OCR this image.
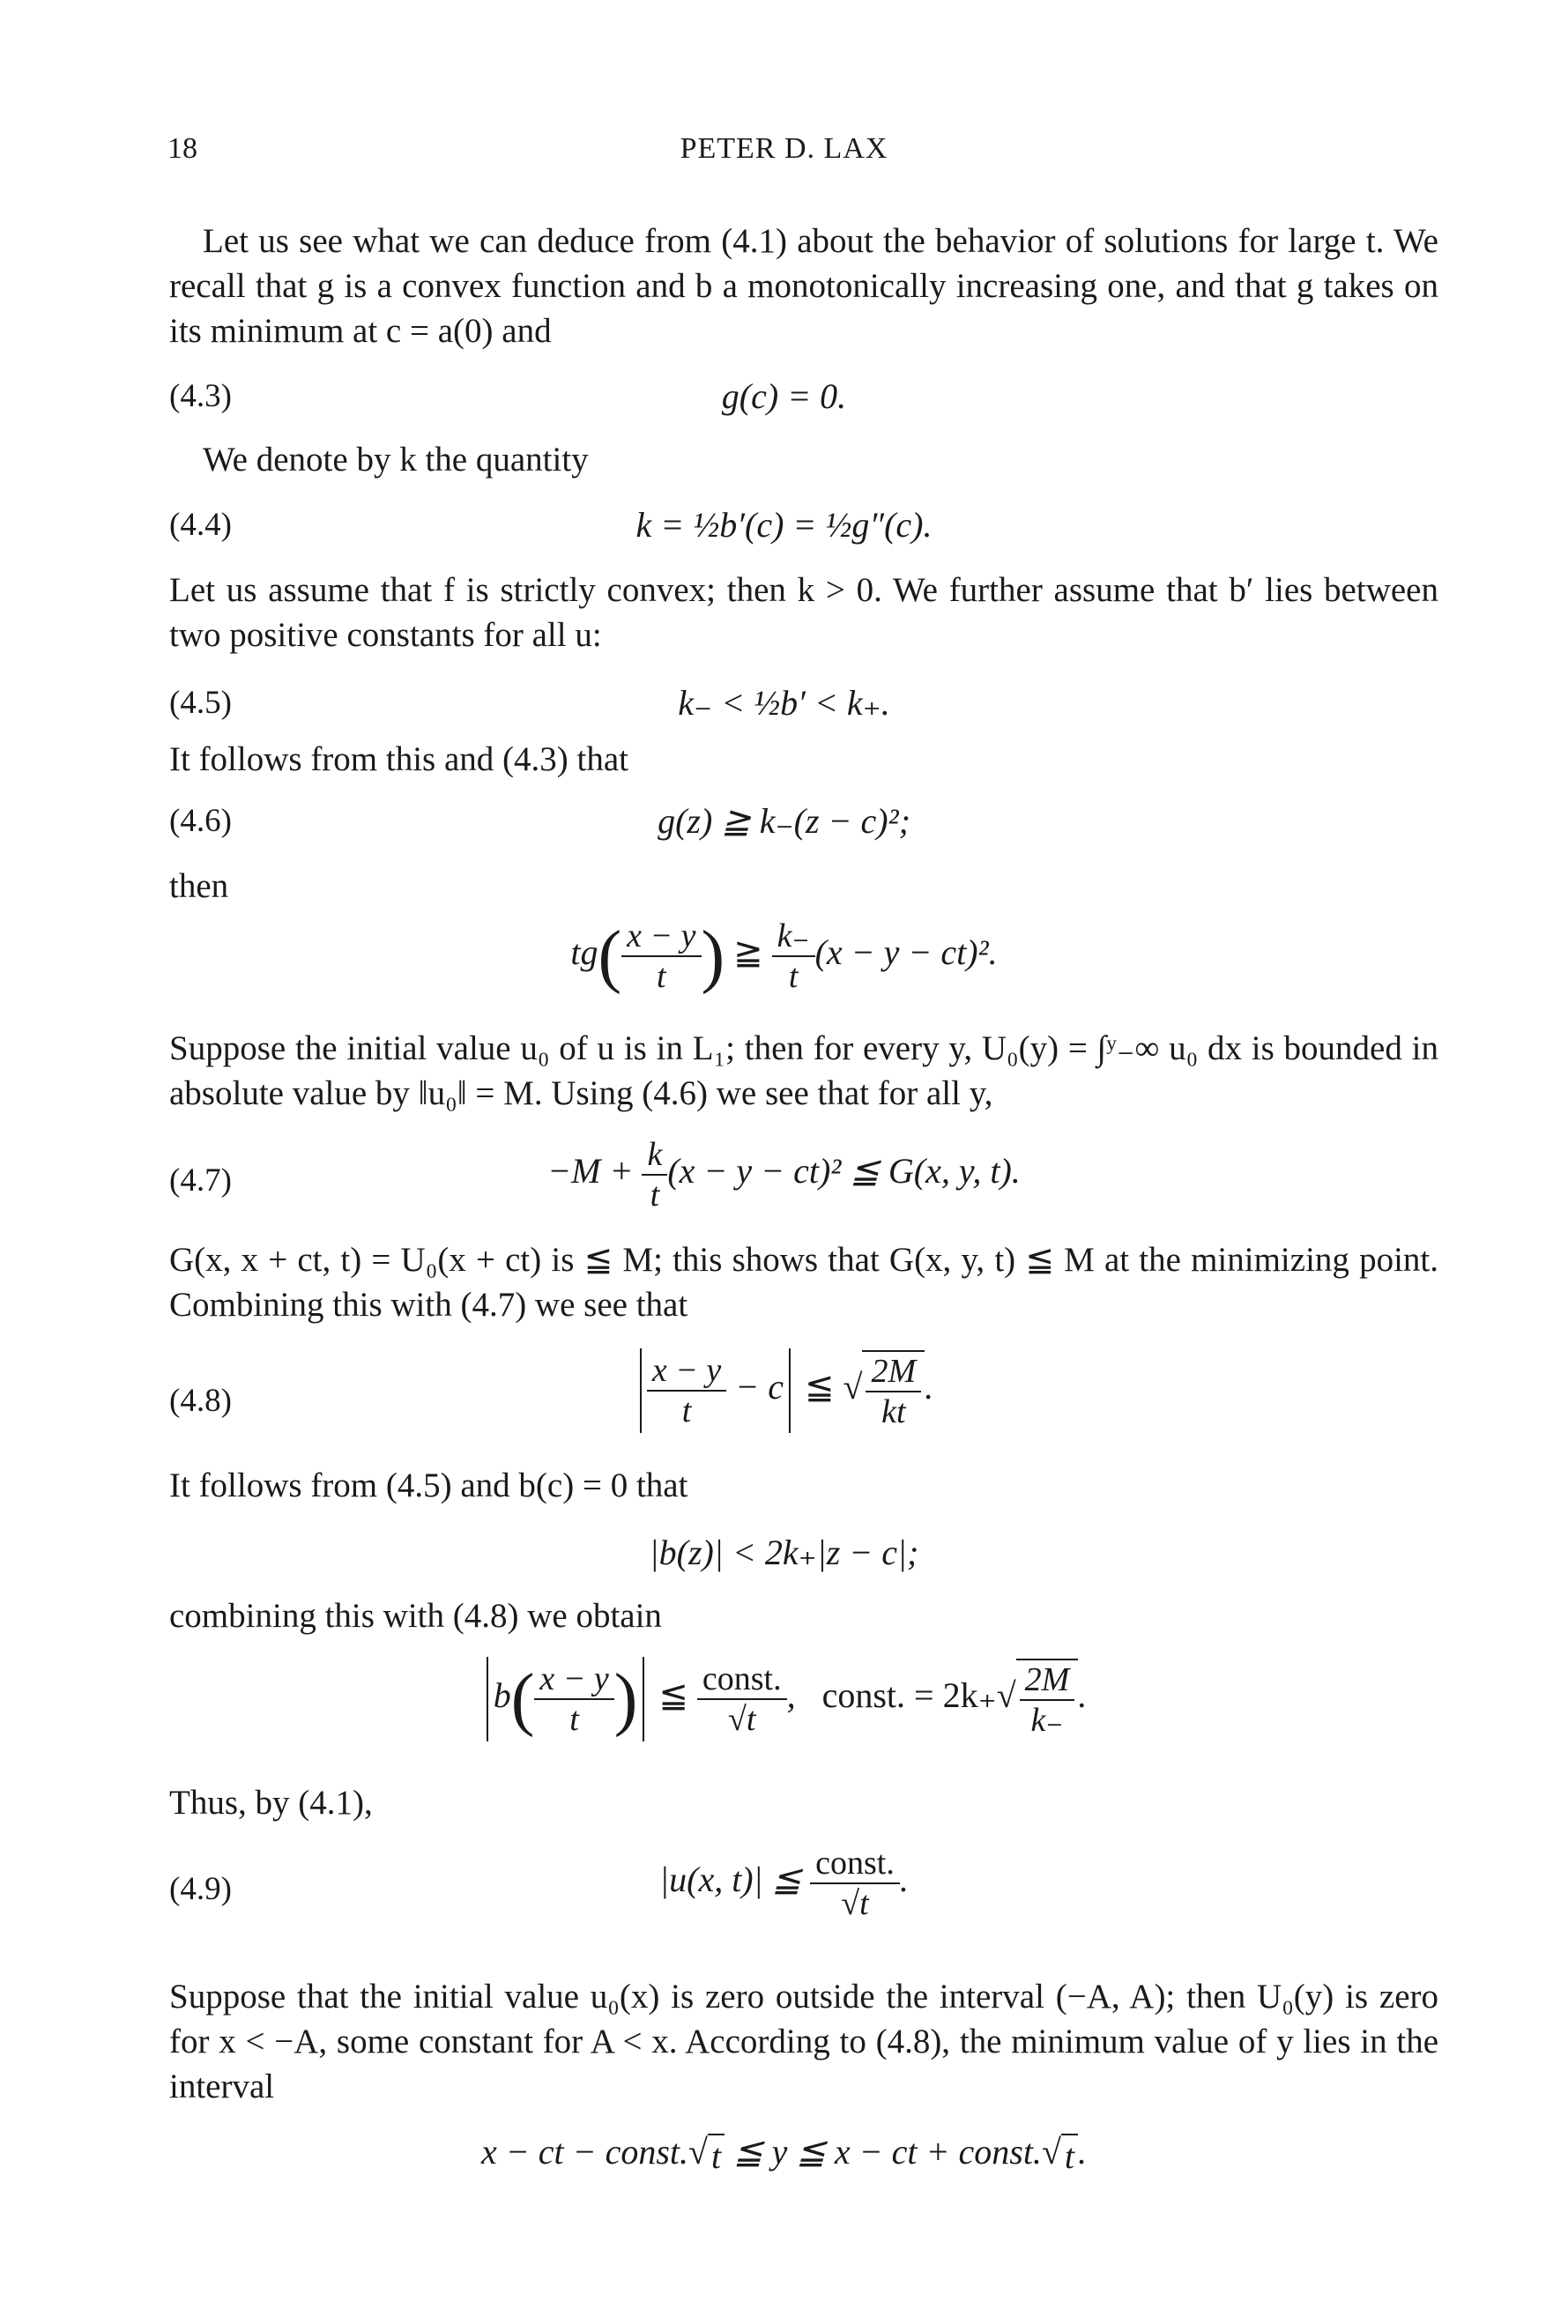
18	PETER D. LAX

Let us see what we can deduce from (4.1) about the behavior of solutions for large t. We recall that g is a convex function and b a monotonically increasing one, and that g takes on its minimum at c = a(0) and

(4.3)	g(c) = 0.

We denote by k the quantity

(4.4)	k = ½b′(c) = ½g″(c).

Let us assume that f is strictly convex; then k > 0. We further assume that b′ lies between two positive constants for all u:

(4.5)	k₋ < ½b′ < k₊.

It follows from this and (4.3) that

(4.6)	g(z) ≧ k₋(z − c)²;

then

$tg( \frac{x - y}{t}$ ) ≧ $\frac{k_-}{t} (x - y - ct)^2$.

Suppose the initial value u₀ of u is in L₁; then for every y, U₀(y) = ∫ʸ₋∞ u₀ dx is bounded in absolute value by ‖u₀‖ = M. Using (4.6) we see that for all y,

(4.7)	$-M + \frac{k}{t} (x - y - ct)^2$ ≦ G(x, y, t).

G(x, x + ct, t) = U₀(x + ct) is ≦ M; this shows that G(x, y, t) ≦ M at the minimizing point. Combining this with (4.7) we see that

(4.8)	$\frac{x - y}{t} - c$ ≦ √ $\frac{2M}{kt}$ .

It follows from (4.5) and b(c) = 0 that

|b(z)| < 2k₊|z − c|;

combining this with (4.8) we obtain

$b( \frac{x - y}{t}$ ) ≦ $\frac{\text{const.}}{√t}$ , const. = $2k_+√ \frac{2M}{k_-}$ .

Thus, by (4.1),

(4.9)	|u(x, t)| ≦ $\frac{\text{const.}}{√t}$ .

Suppose that the initial value u₀(x) is zero outside the interval (−A, A); then U₀(y) is zero for x < −A, some constant for A < x. According to (4.8), the minimum value of y lies in the interval

x − ct − const.√ t ≦ y ≦ x − ct + const.√ t .
